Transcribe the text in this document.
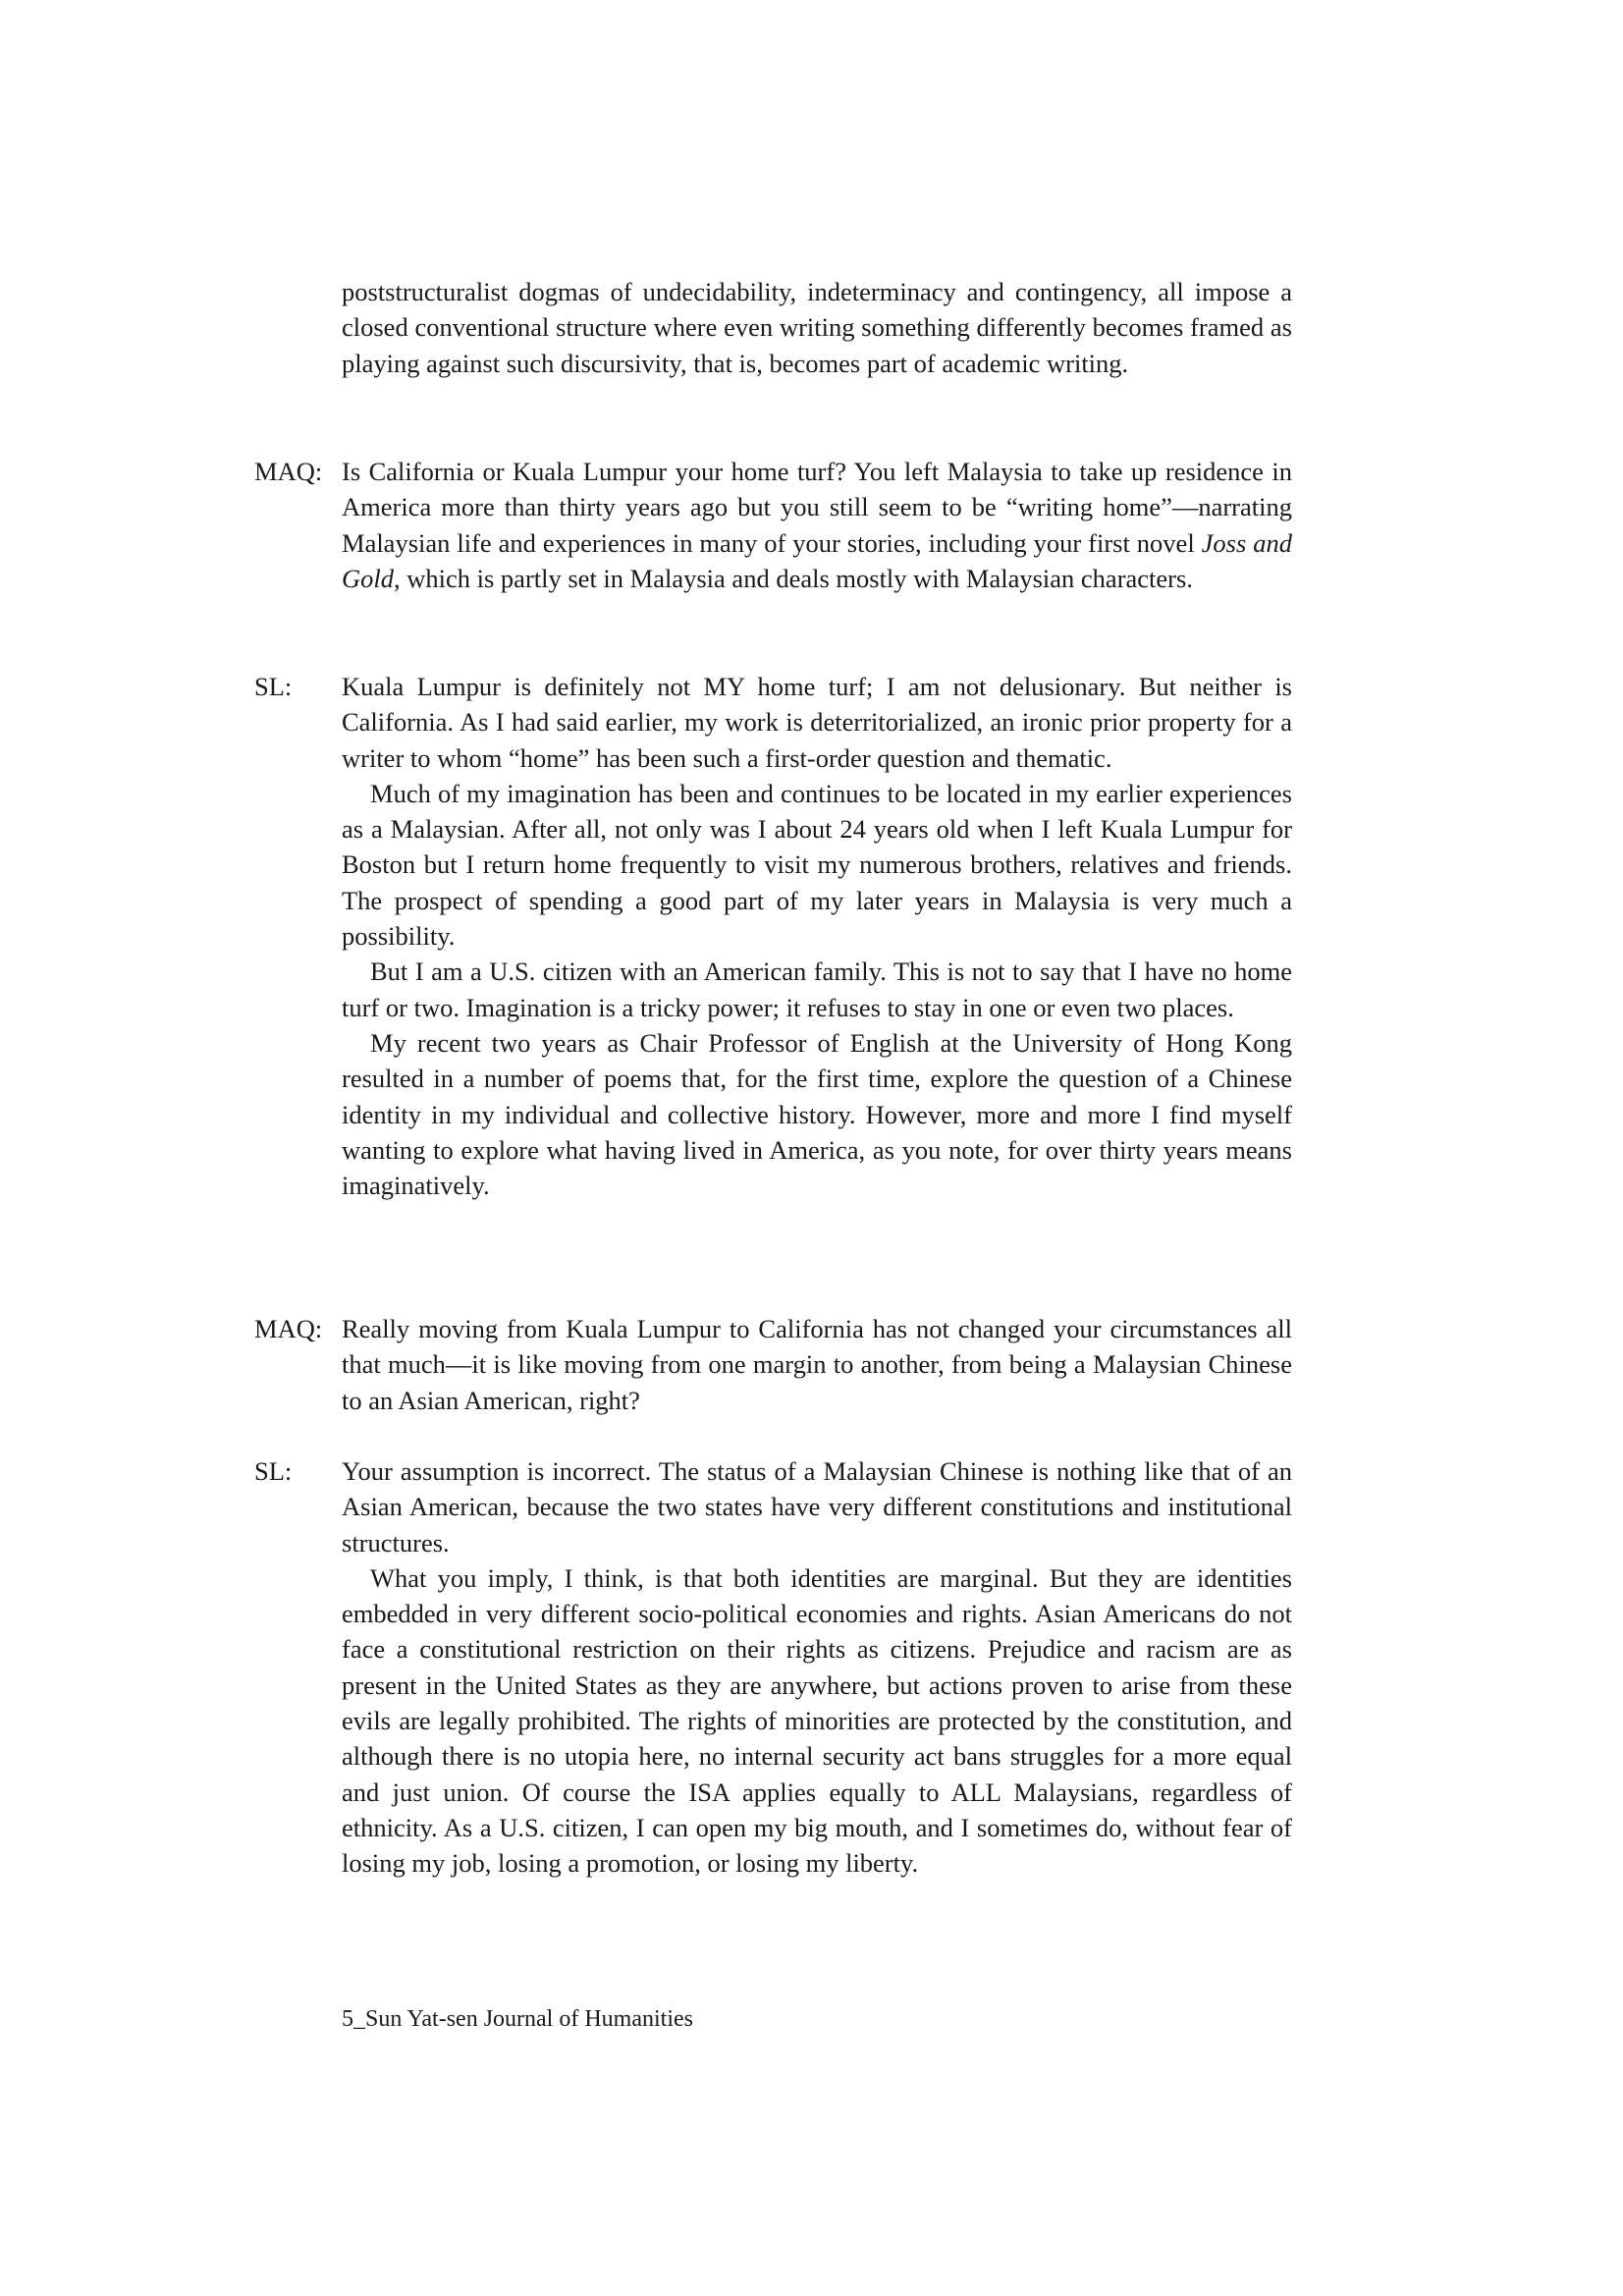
poststructuralist dogmas of undecidability, indeterminacy and contingency, all impose a closed conventional structure where even writing something differently becomes framed as playing against such discursivity, that is, becomes part of academic writing.

MAQ: Is California or Kuala Lumpur your home turf? You left Malaysia to take up residence in America more than thirty years ago but you still seem to be “writing home”—narrating Malaysian life and experiences in many of your stories, including your first novel Joss and Gold, which is partly set in Malaysia and deals mostly with Malaysian characters.

SL: Kuala Lumpur is definitely not MY home turf; I am not delusionary. But neither is California. As I had said earlier, my work is deterritorialized, an ironic prior property for a writer to whom “home” has been such a first-order question and thematic.

Much of my imagination has been and continues to be located in my earlier experiences as a Malaysian. After all, not only was I about 24 years old when I left Kuala Lumpur for Boston but I return home frequently to visit my numerous brothers, relatives and friends. The prospect of spending a good part of my later years in Malaysia is very much a possibility.

But I am a U.S. citizen with an American family. This is not to say that I have no home turf or two. Imagination is a tricky power; it refuses to stay in one or even two places.

My recent two years as Chair Professor of English at the University of Hong Kong resulted in a number of poems that, for the first time, explore the question of a Chinese identity in my individual and collective history. However, more and more I find myself wanting to explore what having lived in America, as you note, for over thirty years means imaginatively.

MAQ: Really moving from Kuala Lumpur to California has not changed your circumstances all that much—it is like moving from one margin to another, from being a Malaysian Chinese to an Asian American, right?

SL: Your assumption is incorrect. The status of a Malaysian Chinese is nothing like that of an Asian American, because the two states have very different constitutions and institutional structures.

What you imply, I think, is that both identities are marginal. But they are identities embedded in very different socio-political economies and rights. Asian Americans do not face a constitutional restriction on their rights as citizens. Prejudice and racism are as present in the United States as they are anywhere, but actions proven to arise from these evils are legally prohibited. The rights of minorities are protected by the constitution, and although there is no utopia here, no internal security act bans struggles for a more equal and just union. Of course the ISA applies equally to ALL Malaysians, regardless of ethnicity. As a U.S. citizen, I can open my big mouth, and I sometimes do, without fear of losing my job, losing a promotion, or losing my liberty.

5_Sun Yat-sen Journal of Humanities
